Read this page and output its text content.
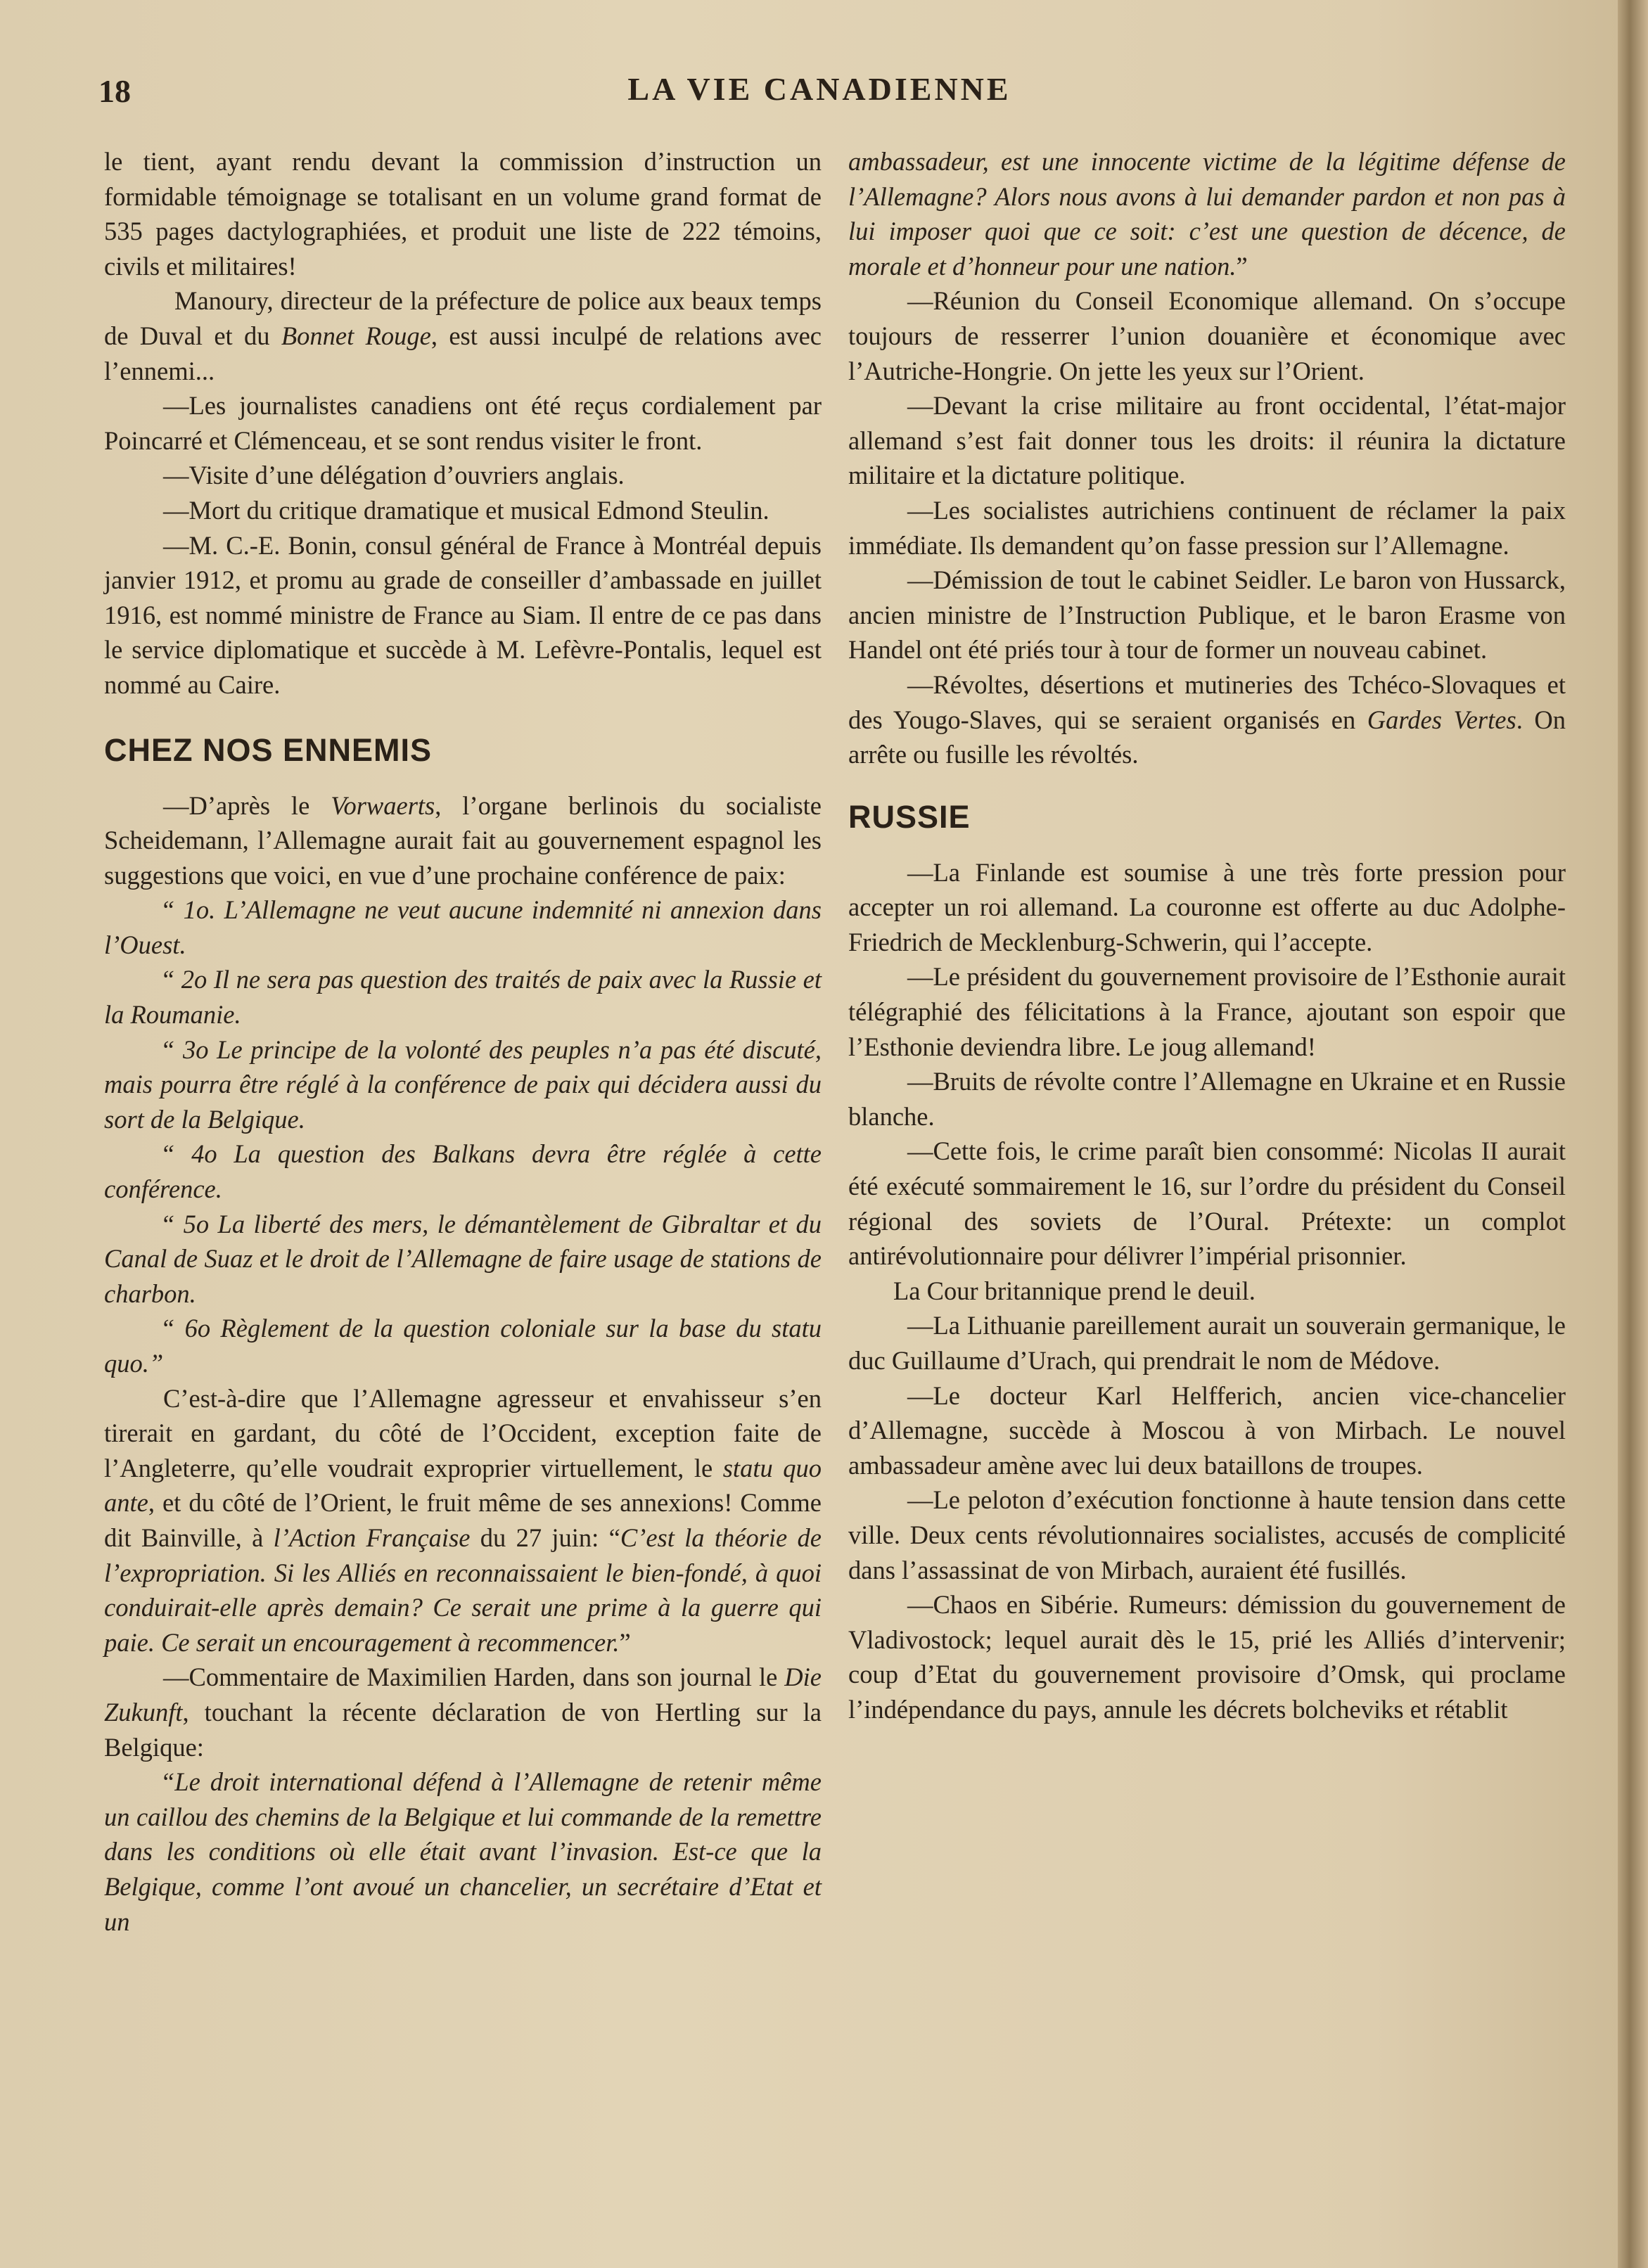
18	LA VIE CANADIENNE

le tient, ayant rendu devant la commission d’instruction un formidable témoignage se totalisant en un volume grand format de 535 pages dactylographiées, et produit une liste de 222 témoins, civils et militaires!

Manoury, directeur de la préfecture de police aux beaux temps de Duval et du Bonnet Rouge, est aussi inculpé de relations avec l’ennemi...

—Les journalistes canadiens ont été reçus cordialement par Poincarré et Clémenceau, et se sont rendus visiter le front.

—Visite d’une délégation d’ouvriers anglais.

—Mort du critique dramatique et musical Edmond Steulin.

—M. C.-E. Bonin, consul général de France à Montréal depuis janvier 1912, et promu au grade de conseiller d’ambassade en juillet 1916, est nommé ministre de France au Siam. Il entre de ce pas dans le service diplomatique et succède à M. Lefèvre-Pontalis, lequel est nommé au Caire.

CHEZ NOS ENNEMIS

—D’après le Vorwaerts, l’organe berlinois du socialiste Scheidemann, l’Allemagne aurait fait au gouvernement espagnol les suggestions que voici, en vue d’une prochaine conférence de paix:

“ 1o. L’Allemagne ne veut aucune indemnité ni annexion dans l’Ouest.

“ 2o Il ne sera pas question des traités de paix avec la Russie et la Roumanie.

“ 3o Le principe de la volonté des peuples n’a pas été discuté, mais pourra être réglé à la conférence de paix qui décidera aussi du sort de la Belgique.

“ 4o La question des Balkans devra être réglée à cette conférence.

“ 5o La liberté des mers, le démantèlement de Gibraltar et du Canal de Suaz et le droit de l’Allemagne de faire usage de stations de charbon.

“ 6o Règlement de la question coloniale sur la base du statu quo.”

C’est-à-dire que l’Allemagne agresseur et envahisseur s’en tirerait en gardant, du côté de l’Occident, exception faite de l’Angleterre, qu’elle voudrait exproprier virtuellement, le statu quo ante, et du côté de l’Orient, le fruit même de ses annexions! Comme dit Bainville, à l’Action Française du 27 juin: “C’est la théorie de l’expropriation. Si les Alliés en reconnaissaient le bien-fondé, à quoi conduirait-elle après demain? Ce serait une prime à la guerre qui paie. Ce serait un encouragement à recommencer.”

—Commentaire de Maximilien Harden, dans son journal le Die Zukunft, touchant la récente déclaration de von Hertling sur la Belgique:

“Le droit international défend à l’Allemagne de retenir même un caillou des chemins de la Belgique et lui commande de la remettre dans les conditions où elle était avant l’invasion. Est-ce que la Belgique, comme l’ont avoué un chancelier, un secrétaire d’Etat et un

ambassadeur, est une innocente victime de la légitime défense de l’Allemagne? Alors nous avons à lui demander pardon et non pas à lui imposer quoi que ce soit: c’est une question de décence, de morale et d’honneur pour une nation.”

—Réunion du Conseil Economique allemand. On s’occupe toujours de resserrer l’union douanière et économique avec l’Autriche-Hongrie. On jette les yeux sur l’Orient.

—Devant la crise militaire au front occidental, l’état-major allemand s’est fait donner tous les droits: il réunira la dictature militaire et la dictature politique.

—Les socialistes autrichiens continuent de réclamer la paix immédiate. Ils demandent qu’on fasse pression sur l’Allemagne.

—Démission de tout le cabinet Seidler. Le baron von Hussarck, ancien ministre de l’Instruction Publique, et le baron Erasme von Handel ont été priés tour à tour de former un nouveau cabinet.

—Révoltes, désertions et mutineries des Tchéco-Slovaques et des Yougo-Slaves, qui se seraient organisés en Gardes Vertes. On arrête ou fusille les révoltés.

RUSSIE

—La Finlande est soumise à une très forte pression pour accepter un roi allemand. La couronne est offerte au duc Adolphe-Friedrich de Mecklenburg-Schwerin, qui l’accepte.

—Le président du gouvernement provisoire de l’Esthonie aurait télégraphié des félicitations à la France, ajoutant son espoir que l’Esthonie deviendra libre. Le joug allemand!

—Bruits de révolte contre l’Allemagne en Ukraine et en Russie blanche.

—Cette fois, le crime paraît bien consommé: Nicolas II aurait été exécuté sommairement le 16, sur l’ordre du président du Conseil régional des soviets de l’Oural. Prétexte: un complot antirévolutionnaire pour délivrer l’impérial prisonnier.

La Cour britannique prend le deuil.

—La Lithuanie pareillement aurait un souverain germanique, le duc Guillaume d’Urach, qui prendrait le nom de Médove.

—Le docteur Karl Helfferich, ancien vice-chancelier d’Allemagne, succède à Moscou à von Mirbach. Le nouvel ambassadeur amène avec lui deux bataillons de troupes.

—Le peloton d’exécution fonctionne à haute tension dans cette ville. Deux cents révolutionnaires socialistes, accusés de complicité dans l’assassinat de von Mirbach, auraient été fusillés.

—Chaos en Sibérie. Rumeurs: démission du gouvernement de Vladivostock; lequel aurait dès le 15, prié les Alliés d’intervenir; coup d’Etat du gouvernement provisoire d’Omsk, qui proclame l’indépendance du pays, annule les décrets bolcheviks et rétablit
